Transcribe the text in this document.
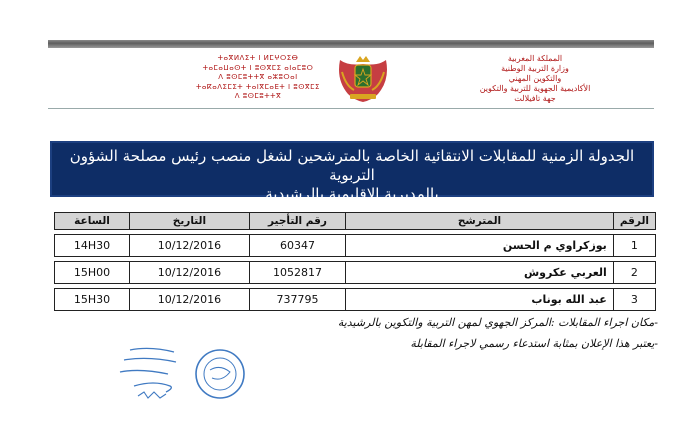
المملكة المغربية
وزارة التربية الوطنية
والتكوين المهني
الأكاديمية الجهوية للتربية والتكوين
جهة تافيلالت
ⵜⴰⴳⵍⴷⵉⵜ ⵏ ⵍⵎⵖⵔⵉⴱ
ⵜⴰⵎⴰⵡⴰⵙⵜ ⵏ ⵓⵙⴳⵎⵉ ⴰⵏⴰⵎⵓⵔ
ⴷ ⵓⵙⵎⵓⵜⵜⴳ ⴰⵣⵓⵔⴰⵏ
ⵜⴰⴽⴰⴷⵉⵎⵉⵜ ⵜⴰⵏⴳⵎⴰⴹⵜ ⵏ ⵓⵙⴳⵎⵉ
ⴷ ⵓⵙⵎⵓⵜⵜⴳ
الجدولة الزمنية للمقابلات الانتقائية الخاصة بالمترشحين لشغل منصب رئيس مصلحة الشؤون التربوية
بالمديرية الإقليمية بالرشيدية
الرقم	المترشح	رقم التأجير	التاريخ	الساعة

1	بوزكراوي م الحسن	60347	10/12/2016	14H30

2	العربي عكروش	1052817	10/12/2016	15H00

3	عبد الله بوناب	737795	10/12/2016	15H30
-مكان اجراء المقابلات :المركز الجهوي لمهن التربية والتكوين بالرشيدية
-يعتبر هذا الإعلان بمثابة استدعاء رسمي لاجراء المقابلة
